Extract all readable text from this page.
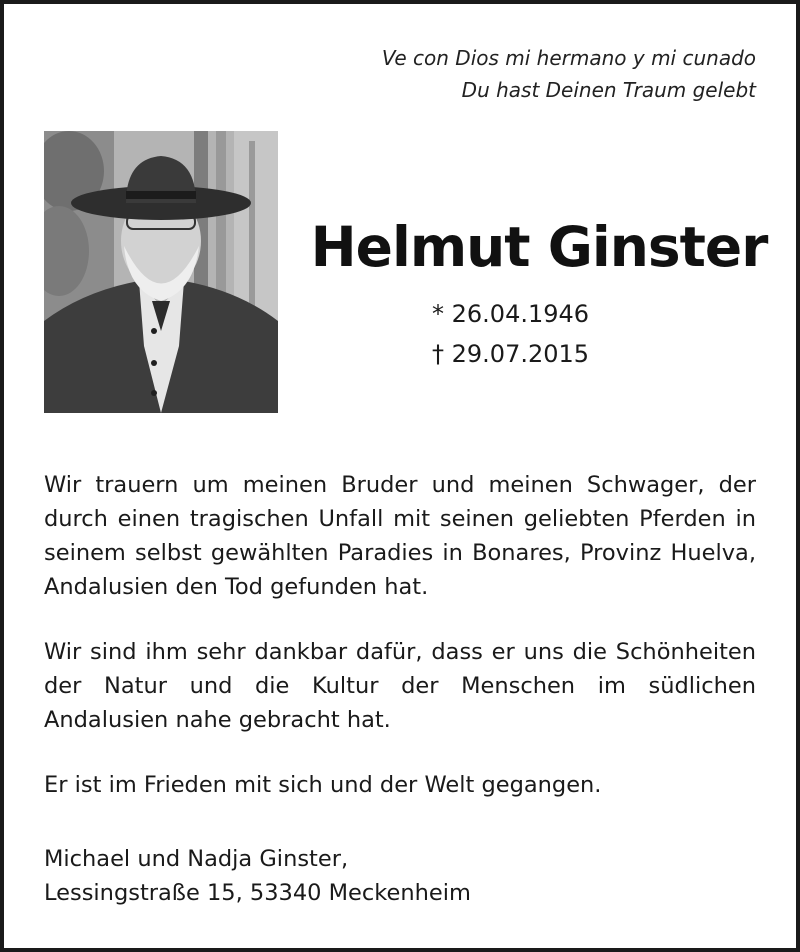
Ve con Dios mi hermano y mi cunado
Du hast Deinen Traum gelebt
Helmut Ginster
* 26.04.1946
† 29.07.2015

Wir trauern um meinen Bruder und meinen Schwager, der durch einen tragischen Unfall mit seinen geliebten Pferden in seinem selbst gewählten Paradies in Bonares, Provinz Huelva, Andalusien den Tod gefunden hat.

Wir sind ihm sehr dankbar dafür, dass er uns die Schönheiten der Natur und die Kultur der Menschen im südlichen Andalusien nahe gebracht hat.

Er ist im Frieden mit sich und der Welt gegangen.

Michael und Nadja Ginster,
Lessingstraße 15, 53340 Meckenheim
